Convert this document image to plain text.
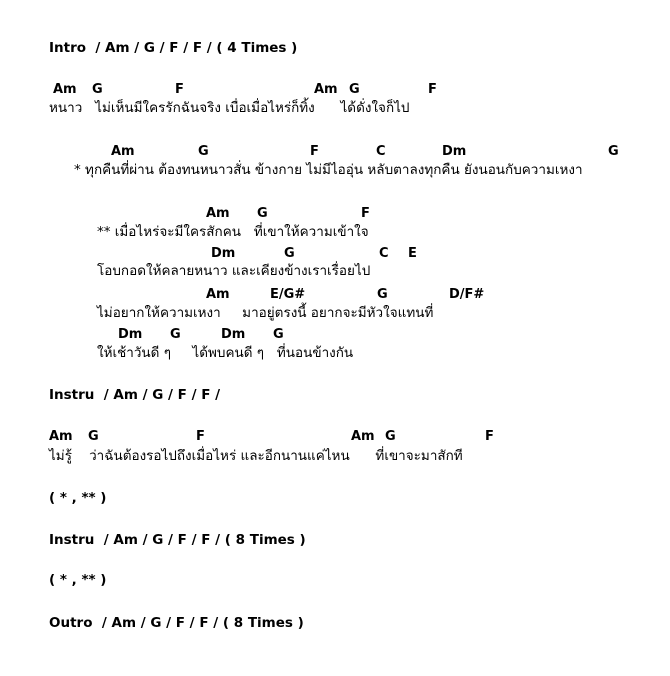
Intro  / Am / G / F / F / ( 4 Times )
Am G	F	Am G	F
หนาว   ไม่เห็นมีใครรักฉันจริง เบื่อเมื่อไหร่ก็ทิ้ง      ได้ดั่งใจก็ไป
Am	G	F	C	Dm	G
* ทุกคืนที่ผ่าน ต้องทนหนาวสั่น ข้างกาย ไม่มีไออุ่น หลับตาลงทุกคืน ยังนอนกับความเหงา
Am G	F
** เมื่อไหร่จะมีใครสักคน   ที่เขาให้ความเข้าใจ
Dm	G	C E
โอบกอดให้คลายหนาว และเคียงข้างเราเรื่อยไป
Am	E/G#	G	D/F#
ไม่อยากให้ความเหงา     มาอยู่ตรงนี้ อยากจะมีหัวใจแทนที่
Dm G	Dm G
ให้เช้าวันดี ๆ     ได้พบคนดี ๆ   ที่นอนข้างกัน
Instru  / Am / G / F / F /
Am G	F	Am G	F
ไม่รู้    ว่าฉันต้องรอไปถึงเมื่อไหร่ และอีกนานแค่ไหน      ที่เขาจะมาสักที
( * , ** )
Instru  / Am / G / F / F / ( 8 Times )
( * , ** )
Outro  / Am / G / F / F / ( 8 Times )
